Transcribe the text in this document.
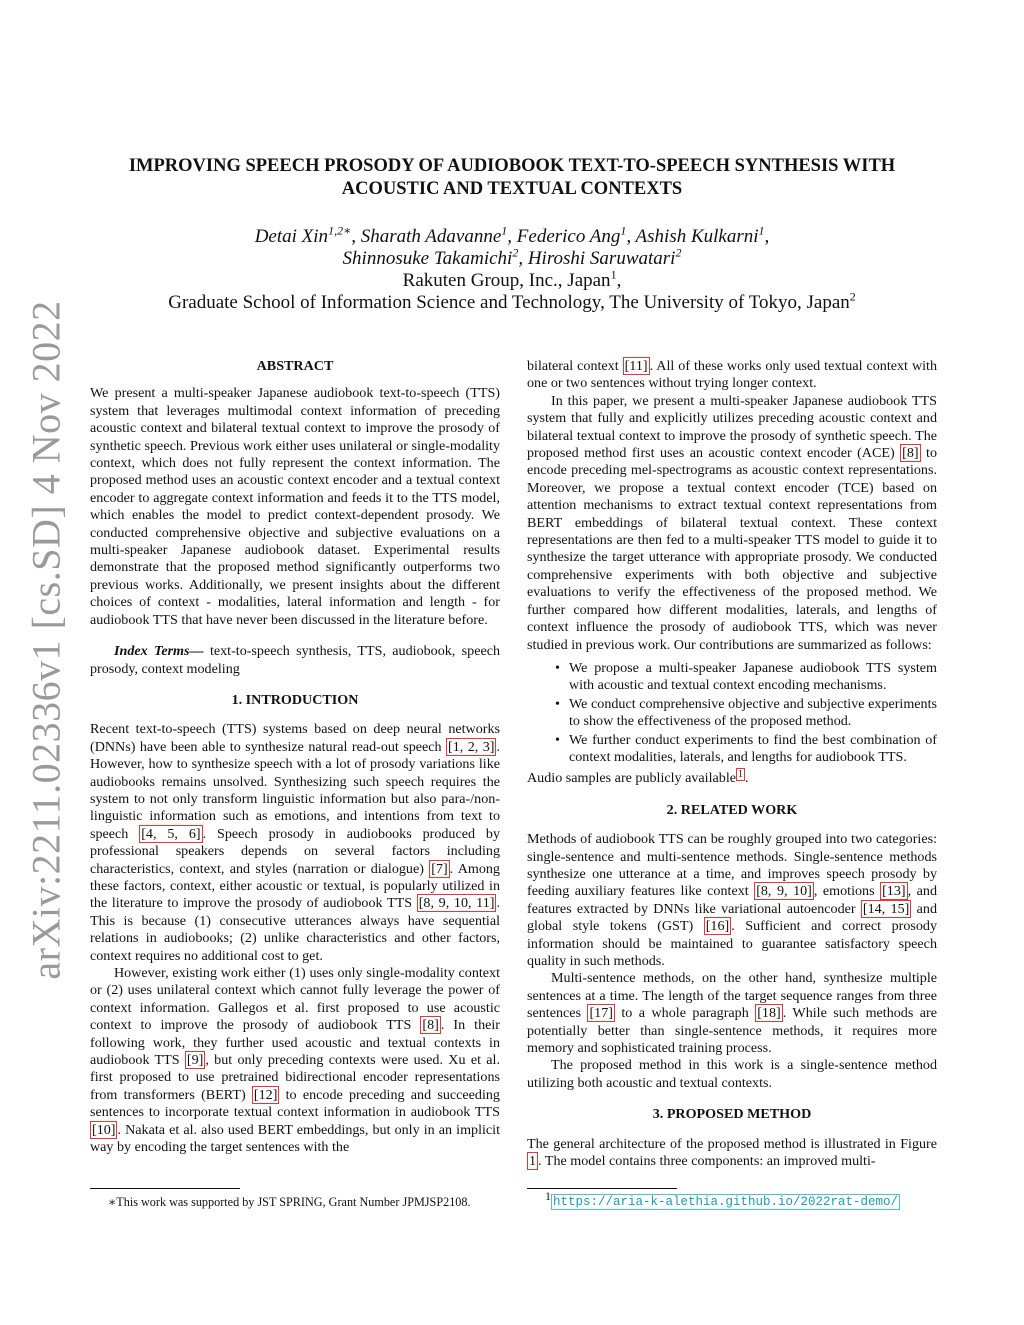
arXiv:2211.02336v1 [cs.SD] 4 Nov 2022
IMPROVING SPEECH PROSODY OF AUDIOBOOK TEXT-TO-SPEECH SYNTHESIS WITH
ACOUSTIC AND TEXTUAL CONTEXTS
Detai Xin$^{1,2∗}$, Sharath Adavanne$^1$, Federico Ang$^1$, Ashish Kulkarni$^1$,
Shinnosuke Takamichi$^2$, Hiroshi Saruwatari$^2$
Rakuten Group, Inc., Japan$^1$,
Graduate School of Information Science and Technology, The University of Tokyo, Japan$^2$
ABSTRACT

We present a multi-speaker Japanese audiobook text-to-speech (TTS) system that leverages multimodal context information of preceding acoustic context and bilateral textual context to improve the prosody of synthetic speech. Previous work either uses unilateral or single-modality context, which does not fully represent the context information. The proposed method uses an acoustic context encoder and a textual context encoder to aggregate context information and feeds it to the TTS model, which enables the model to predict context-dependent prosody. We conducted comprehensive objective and subjective evaluations on a multi-speaker Japanese audiobook dataset. Experimental results demonstrate that the proposed method significantly outperforms two previous works. Additionally, we present insights about the different choices of context - modalities, lateral information and length - for audiobook TTS that have never been discussed in the literature before.

Index Terms— text-to-speech synthesis, TTS, audiobook, speech prosody, context modeling

1. INTRODUCTION

Recent text-to-speech (TTS) systems based on deep neural networks (DNNs) have been able to synthesize natural read-out speech [1, 2, 3] . However, how to synthesize speech with a lot of prosody variations like audiobooks remains unsolved. Synthesizing such speech requires the system to not only transform linguistic information but also para-/non-linguistic information such as emotions, and intentions from text to speech [4, 5, 6] . Speech prosody in audiobooks produced by professional speakers depends on several factors including characteristics, context, and styles (narration or dialogue) [7] . Among these factors, context, either acoustic or textual, is popularly utilized in the literature to improve the prosody of audiobook TTS [8, 9, 10, 11] . This is because (1) consecutive utterances always have sequential relations in audiobooks; (2) unlike characteristics and other factors, context requires no additional cost to get.

However, existing work either (1) uses only single-modality context or (2) uses unilateral context which cannot fully leverage the power of context information. Gallegos et al. first proposed to use acoustic context to improve the prosody of audiobook TTS [8] . In their following work, they further used acoustic and textual contexts in audiobook TTS [9] , but only preceding contexts were used. Xu et al. first proposed to use pretrained bidirectional encoder representations from transformers (BERT) [12] to encode preceding and succeeding sentences to incorporate textual context information in audiobook TTS [10] . Nakata et al. also used BERT embeddings, but only in an implicit way by encoding the target sentences with the

∗This work was supported by JST SPRING, Grant Number JPMJSP2108.

bilateral context [11] . All of these works only used textual context with one or two sentences without trying longer context.

In this paper, we present a multi-speaker Japanese audiobook TTS system that fully and explicitly utilizes preceding acoustic context and bilateral textual context to improve the prosody of synthetic speech. The proposed method first uses an acoustic context encoder (ACE) [8] to encode preceding mel-spectrograms as acoustic context representations. Moreover, we propose a textual context encoder (TCE) based on attention mechanisms to extract textual context representations from BERT embeddings of bilateral textual context. These context representations are then fed to a multi-speaker TTS model to guide it to synthesize the target utterance with appropriate prosody. We conducted comprehensive experiments with both objective and subjective evaluations to verify the effectiveness of the proposed method. We further compared how different modalities, laterals, and lengths of context influence the prosody of audiobook TTS, which was never studied in previous work. Our contributions are summarized as follows:

• We propose a multi-speaker Japanese audiobook TTS system with acoustic and textual context encoding mechanisms.
• We conduct comprehensive objective and subjective experiments to show the effectiveness of the proposed method.
• We further conduct experiments to find the best combination of context modalities, laterals, and lengths for audiobook TTS.

Audio samples are publicly available $^1$ .

2. RELATED WORK

Methods of audiobook TTS can be roughly grouped into two categories: single-sentence and multi-sentence methods. Single-sentence methods synthesize one utterance at a time, and improves speech prosody by feeding auxiliary features like context [8, 9, 10] , emotions [13] , and features extracted by DNNs like variational autoencoder [14, 15] and global style tokens (GST) [16] . Sufficient and correct prosody information should be maintained to guarantee satisfactory speech quality in such methods.

Multi-sentence methods, on the other hand, synthesize multiple sentences at a time. The length of the target sequence ranges from three sentences [17] to a whole paragraph [18] . While such methods are potentially better than single-sentence methods, it requires more memory and sophisticated training process.

The proposed method in this work is a single-sentence method utilizing both acoustic and textual contexts.

3. PROPOSED METHOD

The general architecture of the proposed method is illustrated in Figure 1 . The model contains three components: an improved multi-

$^1$ https://aria-k-alethia.github.io/2022rat-demo/
